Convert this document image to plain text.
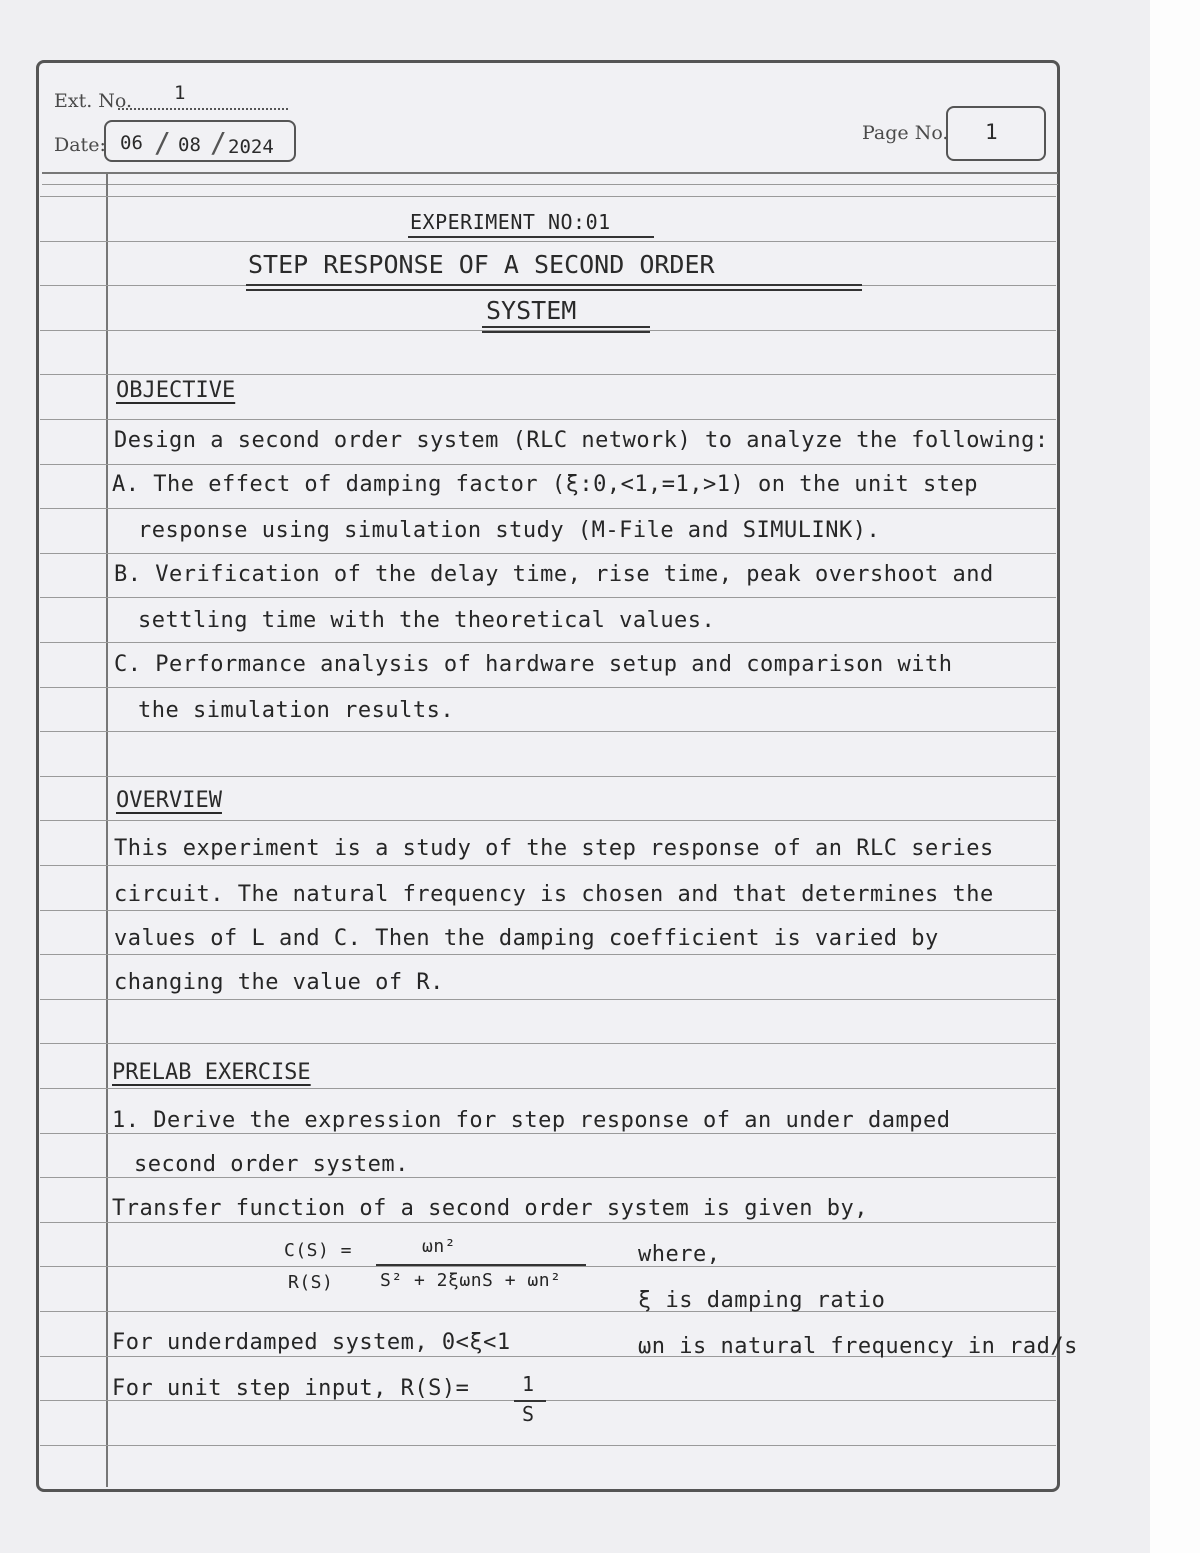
Ext. No. 1
Date: 06 / 08 / 2024
Page No. 1
EXPERIMENT NO:01
STEP RESPONSE OF A SECOND ORDER
SYSTEM
OBJECTIVE
Design a second order system (RLC network) to analyze the following:
A. The effect of damping factor (ξ:0,<1,=1,>1) on the unit step
response using simulation study (M-File and SIMULINK).
B. Verification of the delay time, rise time, peak overshoot and
settling time with the theoretical values.
C. Performance analysis of hardware setup and comparison with
the simulation results.
OVERVIEW
This experiment is a study of the step response of an RLC series
circuit. The natural frequency is chosen and that determines the
values of L and C. Then the damping coefficient is varied by
changing the value of R.
PRELAB EXERCISE
1. Derive the expression for step response of an under damped
second order system.
Transfer function of a second order system is given by,
C(S) =
R(S)
ωn²
S² + 2ξωnS + ωn²
where,
ξ is damping ratio
ωn is natural frequency in rad/s
For underdamped system, 0<ξ<1
For unit step input, R(S)=	1
S
